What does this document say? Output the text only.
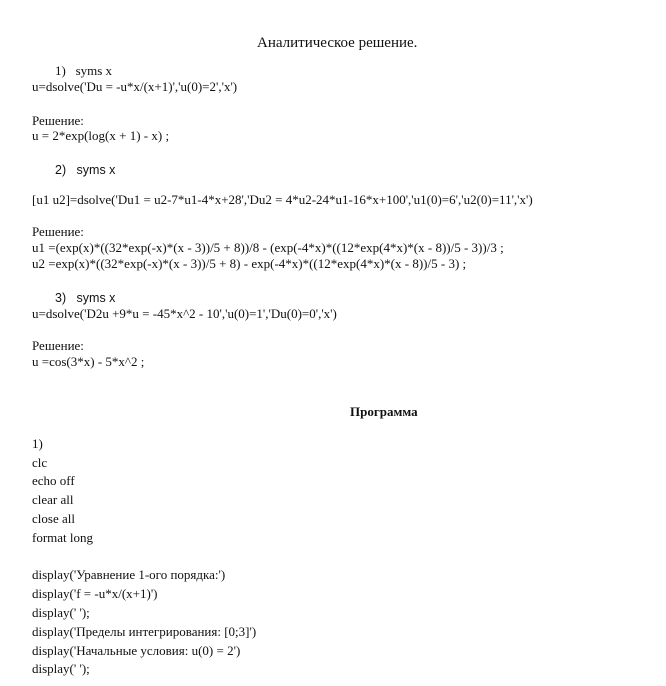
Аналитическое решение.
1)   syms x
u=dsolve('Du = -u*x/(x+1)','u(0)=2','x')
Решение:
u = 2*exp(log(x + 1) - x) ;
2)   syms x
[u1 u2]=dsolve('Du1 = u2-7*u1-4*x+28','Du2 = 4*u2-24*u1-16*x+100','u1(0)=6','u2(0)=11','x')
Решение:
u1 =(exp(x)*((32*exp(-x)*(x - 3))/5 + 8))/8 - (exp(-4*x)*((12*exp(4*x)*(x - 8))/5 - 3))/3 ;
u2 =exp(x)*((32*exp(-x)*(x - 3))/5 + 8) - exp(-4*x)*((12*exp(4*x)*(x - 8))/5 - 3) ;
3)   syms x
u=dsolve('D2u +9*u = -45*x^2 - 10','u(0)=1','Du(0)=0','x')
Решение:
u =cos(3*x) - 5*x^2 ;
Программа
1)
clc
echo off
clear all
close all
format long
display('Уравнение 1-ого порядка:')
display('f = -u*x/(x+1)')
display(' ');
display('Пределы интегрирования: [0;3]')
display('Начальные условия: u(0) = 2')
display(' ');
